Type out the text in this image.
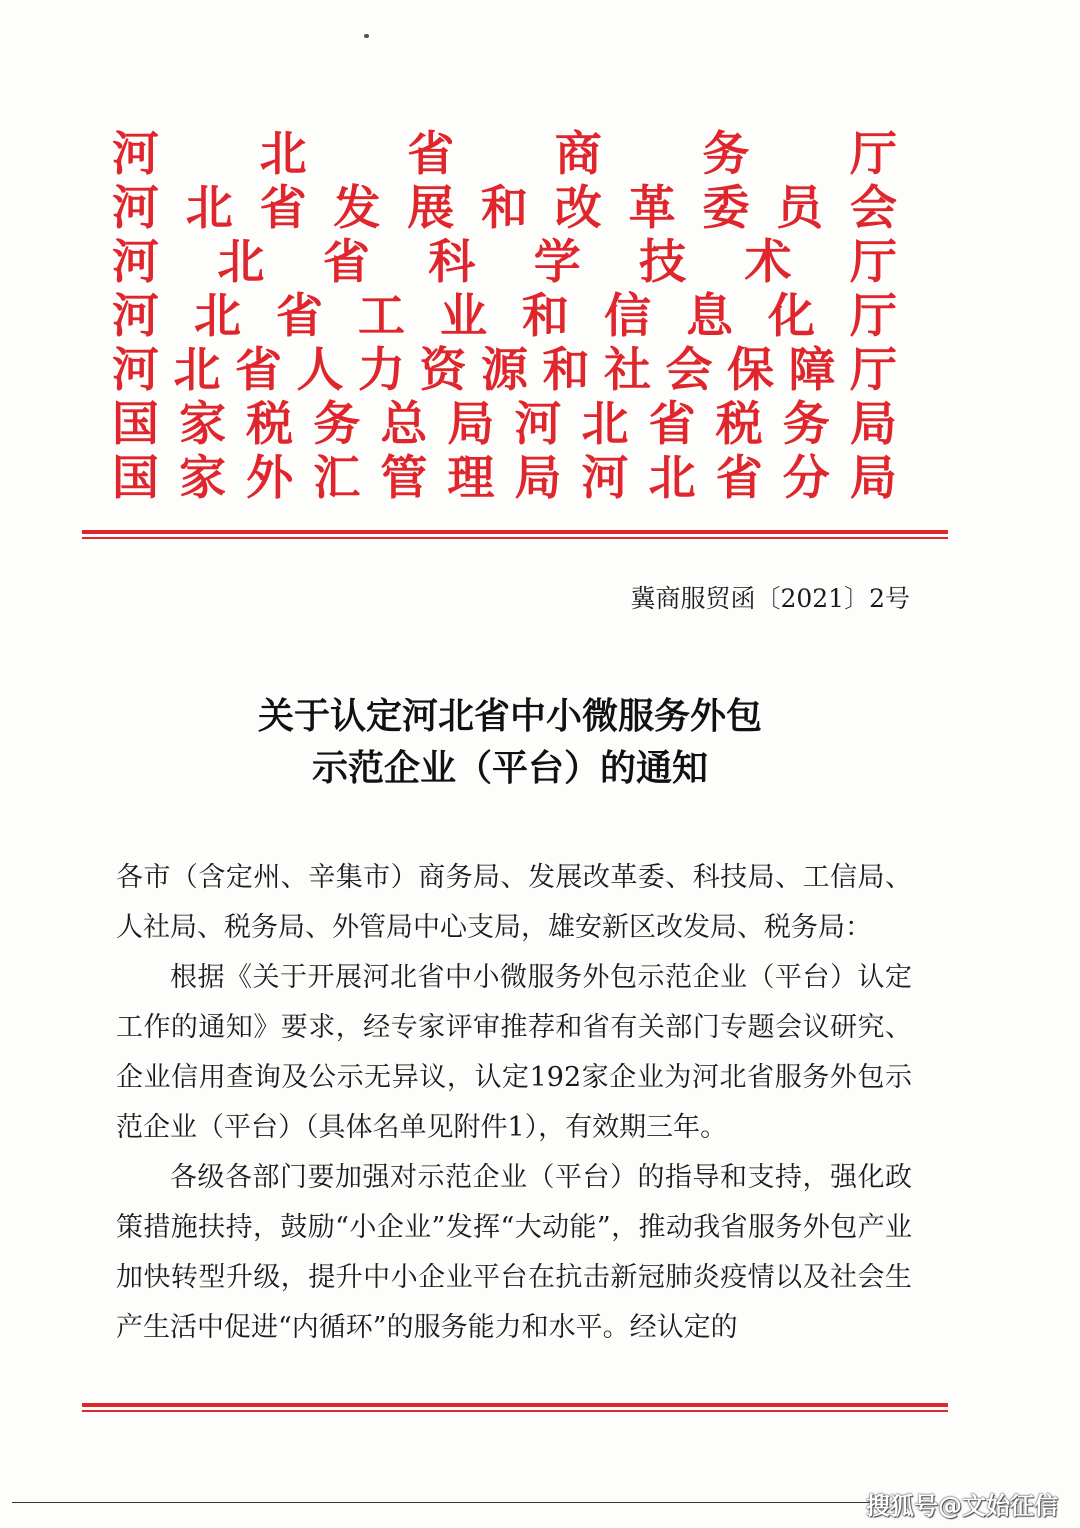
河 北 省 商 务 厅
河 北 省 发 展 和 改 革 委 员 会
河 北 省 科 学 技 术 厅
河 北 省 工 业 和 信 息 化 厅
河 北 省 人 力 资 源 和 社 会 保 障 厅
国 家 税 务 总 局 河 北 省 税 务 局
国 家 外 汇 管 理 局 河 北 省 分 局
冀商服贸函〔2021〕2号
关于认定河北省中小微服务外包
示范企业（平台）的通知

各市（含定州、辛集市）商务局、发展改革委、科技局、工信局、人社局、税务局、外管局中心支局，雄安新区改发局、税务局：

根据《关于开展河北省中小微服务外包示范企业（平台）认定工作的通知》要求，经专家评审推荐和省有关部门专题会议研究、企业信用查询及公示无异议，认定192家企业为河北省服务外包示范企业（平台）（具体名单见附件1），有效期三年。

各级各部门要加强对示范企业（平台）的指导和支持，强化政策措施扶持，鼓励“小企业”发挥“大动能”，推动我省服务外包产业加快转型升级，提升中小企业平台在抗击新冠肺炎疫情以及社会生产生活中促进“内循环”的服务能力和水平。经认定的

搜狐号@文始征信
